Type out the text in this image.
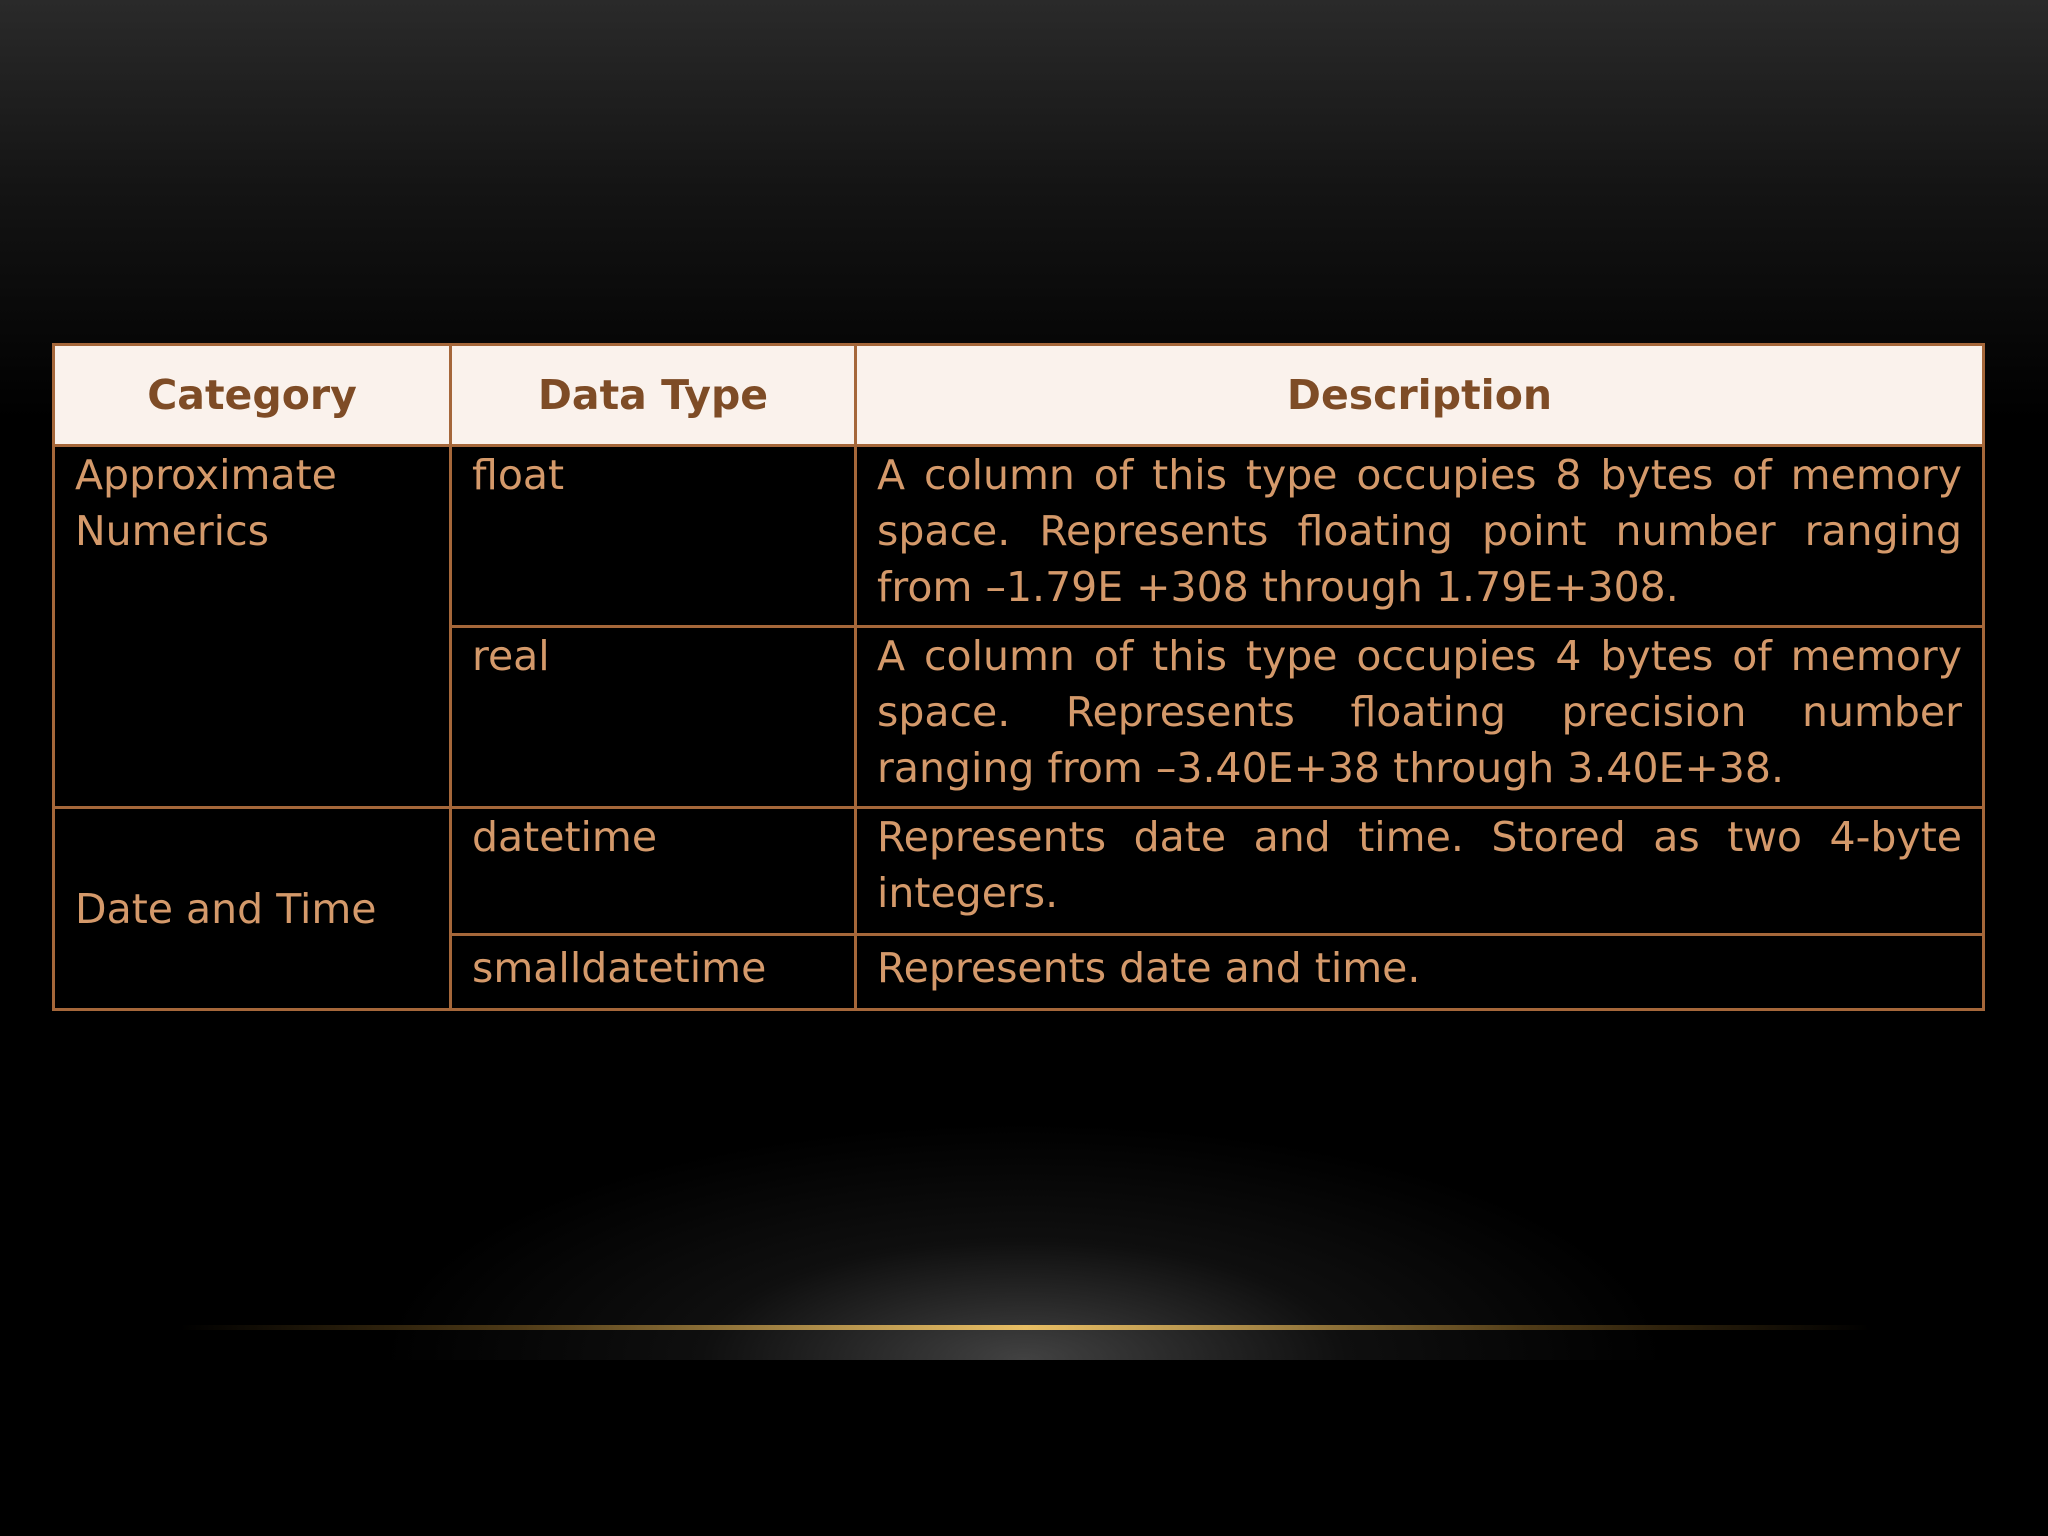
Category	Data Type	Description
Approximate Numerics	float	A column of this type occupies 8 bytes of memory space. Represents floating point number ranging from –1.79E +308 through 1.79E+308.
	real	A column of this type occupies 4 bytes of memory space. Represents floating precision number ranging from –3.40E+38 through 3.40E+38.
Date and Time	datetime	Represents date and time. Stored as two 4-byte integers.
	smalldatetime	Represents date and time.
